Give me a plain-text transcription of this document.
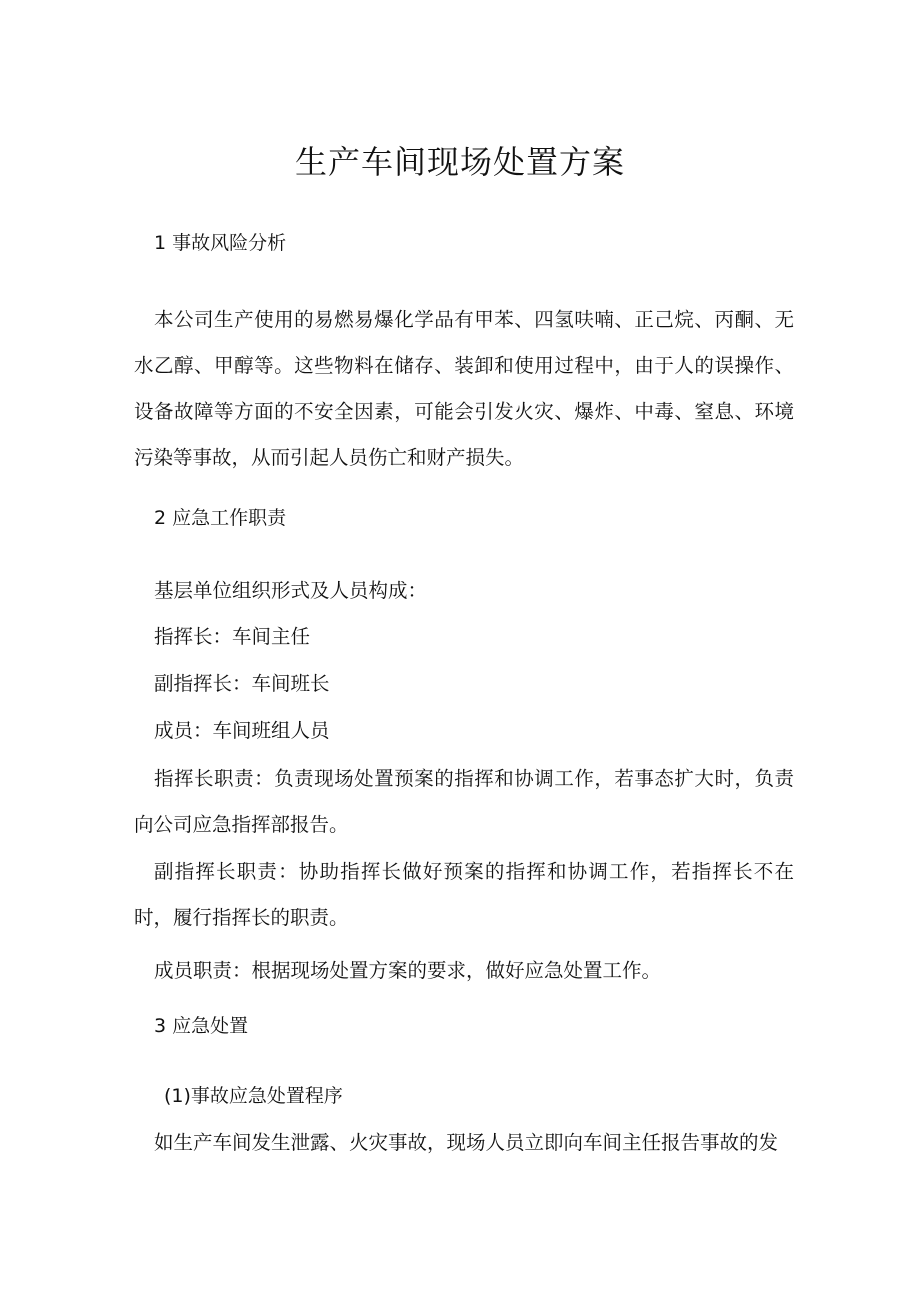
生产车间现场处置方案

1 事故风险分析

本公司生产使用的易燃易爆化学品有甲苯、四氢呋喃、正己烷、丙酮、无水乙醇、甲醇等。这些物料在储存、装卸和使用过程中，由于人的误操作、设备故障等方面的不安全因素，可能会引发火灾、爆炸、中毒、窒息、环境污染等事故，从而引起人员伤亡和财产损失。

2 应急工作职责

基层单位组织形式及人员构成：

指挥长：车间主任

副指挥长：车间班长

成员：车间班组人员

指挥长职责：负责现场处置预案的指挥和协调工作，若事态扩大时，负责向公司应急指挥部报告。

副指挥长职责：协助指挥长做好预案的指挥和协调工作，若指挥长不在时，履行指挥长的职责。

成员职责：根据现场处置方案的要求，做好应急处置工作。

3 应急处置

(1)事故应急处置程序

如生产车间发生泄露、火灾事故，现场人员立即向车间主任报告事故的发
